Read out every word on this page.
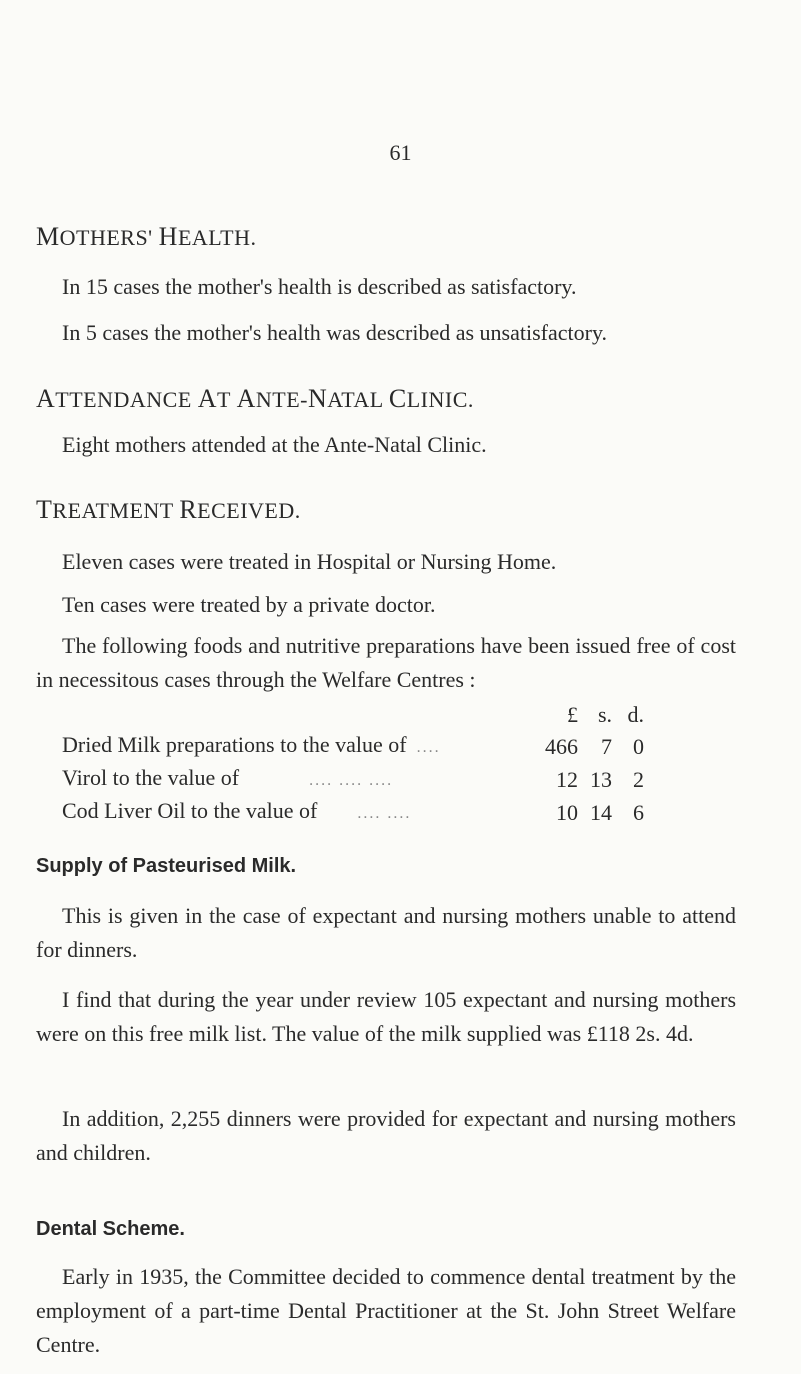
61
MOTHERS' HEALTH.
In 15 cases the mother's health is described as satisfactory.
In 5 cases the mother's health was described as unsatisfactory.
ATTENDANCE AT ANTE-NATAL CLINIC.
Eight mothers attended at the Ante-Natal Clinic.
TREATMENT RECEIVED.
Eleven cases were treated in Hospital or Nursing Home.
Ten cases were treated by a private doctor.

The following foods and nutritive preparations have been issued free of cost in necessitous cases through the Welfare Centres :

	£	s.	d.
Dried Milk preparations to the value of ....	466	7	0
Virol to the value of .... .... ....	12	13	2
Cod Liver Oil to the value of .... ....	10	14	6
Supply of Pasteurised Milk.

This is given in the case of expectant and nursing mothers unable to attend for dinners.

I find that during the year under review 105 expectant and nursing mothers were on this free milk list. The value of the milk supplied was £118 2s. 4d.

In addition, 2,255 dinners were provided for expectant and nursing mothers and children.

Dental Scheme.

Early in 1935, the Committee decided to commence dental treatment by the employment of a part-time Dental Practitioner at the St. John Street Welfare Centre.
